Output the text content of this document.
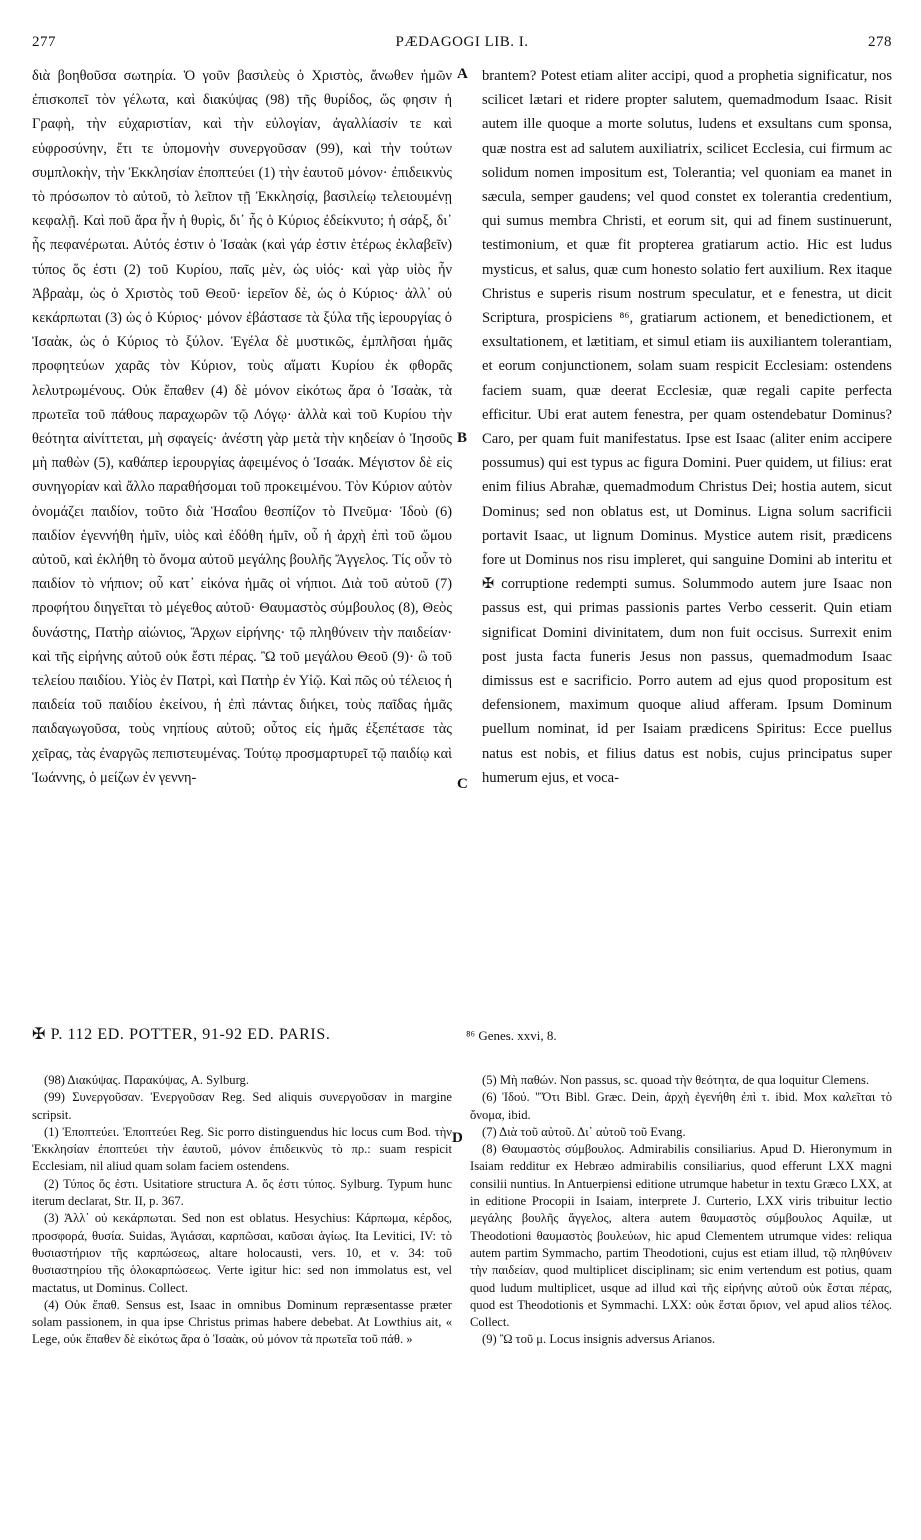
277	PÆDAGOGI LIB. I.	278

διὰ βοηθοῦσα σωτηρία. Ὁ γοῦν βασιλεὺς ὁ Χριστὸς, ἄνωθεν ἡμῶν ἐπισκοπεῖ τὸν γέλωτα, καὶ διακύψας (98) τῆς θυρίδος, ὥς φησιν ἡ Γραφὴ, τὴν εὐχαριστίαν, καὶ τὴν εὐλογίαν, ἀγαλλίασίν τε καὶ εὐφροσύνην, ἔτι τε ὑπομονὴν συνεργοῦσαν (99), καὶ τὴν τούτων συμπλοκὴν, τὴν Ἐκκλησίαν ἐποπτεύει (1) τὴν ἑαυτοῦ μόνον· ἐπιδεικνὺς τὸ πρόσωπον τὸ αὐτοῦ, τὸ λεῖπον τῇ Ἐκκλησίᾳ, βασιλείῳ τελειουμένῃ κεφαλῇ. Καὶ ποῦ ἄρα ἦν ἡ θυρὶς, δι᾿ ἧς ὁ Κύριος ἐδείκνυτο; ἡ σάρξ, δι᾿ ἧς πεφανέρωται. Αὐτός ἐστιν ὁ Ἰσαὰκ (καὶ γάρ ἐστιν ἑτέρως ἐκλαβεῖν) τύπος ὅς ἐστι (2) τοῦ Κυρίου, παῖς μὲν, ὡς υἱός· καὶ γὰρ υἱὸς ἦν Ἀβραὰμ, ὡς ὁ Χριστὸς τοῦ Θεοῦ· ἱερεῖον δὲ, ὡς ὁ Κύριος· ἀλλ᾿ οὐ κεκάρπωται (3) ὡς ὁ Κύριος· μόνον ἐβάστασε τὰ ξύλα τῆς ἱερουργίας ὁ Ἰσαὰκ, ὡς ὁ Κύριος τὸ ξύλον. Ἐγέλα δὲ μυστικῶς, ἐμπλῆσαι ἡμᾶς προφητεύων χαρᾶς τὸν Κύριον, τοὺς αἵματι Κυρίου ἐκ φθορᾶς λελυτρωμένους. Οὐκ ἔπαθεν (4) δὲ μόνον εἰκότως ἄρα ὁ Ἰσαὰκ, τὰ πρωτεῖα τοῦ πάθους παραχωρῶν τῷ Λόγῳ· ἀλλὰ καὶ τοῦ Κυρίου τὴν θεότητα αἰνίττεται, μὴ σφαγείς· ἀνέστη γὰρ μετὰ τὴν κηδείαν ὁ Ἰησοῦς μὴ παθὼν (5), καθάπερ ἱερουργίας ἀφειμένος ὁ Ἰσαάκ. Μέγιστον δὲ εἰς συνηγορίαν καὶ ἄλλο παραθήσομαι τοῦ προκειμένου. Τὸν Κύριον αὐτὸν ὀνομάζει παιδίον, τοῦτο διὰ Ἡσαΐου θεσπίζον τὸ Πνεῦμα· Ἰδοὺ (6) παιδίον ἐγεννήθη ἡμῖν, υἱὸς καὶ ἐδόθη ἡμῖν, οὗ ἡ ἀρχὴ ἐπὶ τοῦ ὤμου αὐτοῦ, καὶ ἐκλήθη τὸ ὄνομα αὐτοῦ μεγάλης βουλῆς Ἄγγελος. Τίς οὖν τὸ παιδίον τὸ νήπιον; οὗ κατ᾿ εἰκόνα ἡμᾶς οἱ νήπιοι. Διὰ τοῦ αὐτοῦ (7) προφήτου διηγεῖται τὸ μέγεθος αὐτοῦ· Θαυμαστὸς σύμβουλος (8), Θεὸς δυνάστης, Πατὴρ αἰώνιος, Ἄρχων εἰρήνης· τῷ πληθύνειν τὴν παιδείαν· καὶ τῆς εἰρήνης αὐτοῦ οὐκ ἔστι πέρας. Ὢ τοῦ μεγάλου Θεοῦ (9)· ὢ τοῦ τελείου παιδίου. Υἱὸς ἐν Πατρὶ, καὶ Πατὴρ ἐν Υἱῷ. Καὶ πῶς οὐ τέλειος ἡ παιδεία τοῦ παιδίου ἐκείνου, ἡ ἐπὶ πάντας διήκει, τοὺς παῖδας ἡμᾶς παιδαγωγοῦσα, τοὺς νηπίους αὐτοῦ; οὗτος εἰς ἡμᾶς ἐξεπέτασε τὰς χεῖρας, τὰς ἐναργῶς πεπιστευμένας. Τούτῳ προσμαρτυρεῖ τῷ παιδίῳ καὶ Ἰωάννης, ὁ μείζων ἐν γεννη-

A
B
C
D

brantem? Potest etiam aliter accipi, quod a prophetia significatur, nos scilicet lætari et ridere propter salutem, quemadmodum Isaac. Risit autem ille quoque a morte solutus, ludens et exsultans cum sponsa, quæ nostra est ad salutem auxiliatrix, scilicet Ecclesia, cui firmum ac solidum nomen impositum est, Tolerantia; vel quoniam ea manet in sæcula, semper gaudens; vel quod constet ex tolerantia credentium, qui sumus membra Christi, et eorum sit, qui ad finem sustinuerunt, testimonium, et quæ fit propterea gratiarum actio. Hic est ludus mysticus, et salus, quæ cum honesto solatio fert auxilium. Rex itaque Christus e superis risum nostrum speculatur, et e fenestra, ut dicit Scriptura, prospiciens ⁸⁶, gratiarum actionem, et benedictionem, et exsultationem, et lætitiam, et simul etiam iis auxiliantem tolerantiam, et eorum conjunctionem, solam suam respicit Ecclesiam: ostendens faciem suam, quæ deerat Ecclesiæ, quæ regali capite perfecta efficitur. Ubi erat autem fenestra, per quam ostendebatur Dominus? Caro, per quam fuit manifestatus. Ipse est Isaac (aliter enim accipere possumus) qui est typus ac figura Domini. Puer quidem, ut filius: erat enim filius Abrahæ, quemadmodum Christus Dei; hostia autem, sicut Dominus; sed non oblatus est, ut Dominus. Ligna solum sacrificii portavit Isaac, ut lignum Dominus. Mystice autem risit, prædicens fore ut Dominus nos risu impleret, qui sanguine Domini ab interitu et ✠ corruptione redempti sumus. Solummodo autem jure Isaac non passus est, qui primas passionis partes Verbo cesserit. Quin etiam significat Domini divinitatem, dum non fuit occisus. Surrexit enim post justa facta funeris Jesus non passus, quemadmodum Isaac dimissus est e sacrificio. Porro autem ad ejus quod propositum est defensionem, maximum quoque aliud afferam. Ipsum Dominum puellum nominat, id per Isaiam prædicens Spiritus: Ecce puellus natus est nobis, et filius datus est nobis, cujus principatus super humerum ejus, et voca-

✠ P. 112 ED. POTTER, 91-92 ED. PARIS.	⁸⁶ Genes. xxvi, 8.

(98) Διακύψας. Παρακύψας, A. Sylburg.

(99) Συνεργοῦσαν. Ἐνεργοῦσαν Reg. Sed aliquis συνεργοῦσαν in margine scripsit.

(1) Ἐποπτεύει. Ἐποπτεύει Reg. Sic porro distinguendus hic locus cum Bod. τὴν Ἐκκλησίαν ἐποπτεύει τὴν ἑαυτοῦ, μόνον ἐπιδεικνὺς τὸ πρ.: suam respicit Ecclesiam, nil aliud quam solam faciem ostendens.

(2) Τύπος ὅς ἐστι. Usitatiore structura A. ὅς ἐστι τύπος. Sylburg. Typum hunc iterum declarat, Str. II, p. 367.

(3) Ἀλλ᾿ οὐ κεκάρπωται. Sed non est oblatus. Hesychius: Κάρπωμα, κέρδος, προσφορά, θυσία. Suidas, Ἁγιάσαι, καρπῶσαι, καῦσαι ἁγίως. Ita Levitici, IV: τὸ θυσιαστήριον τῆς καρπώσεως, altare holocausti, vers. 10, et v. 34: τοῦ θυσιαστηρίου τῆς ὁλοκαρπώσεως. Verte igitur hic: sed non immolatus est, vel mactatus, ut Dominus. Collect.

(4) Οὐκ ἔπαθ. Sensus est, Isaac in omnibus Dominum repræsentasse præter solam passionem, in qua ipse Christus primas habere debebat. At Lowthius ait, « Lege, οὐκ ἔπαθεν δὲ εἰκότως ἄρα ὁ Ἰσαὰκ, οὐ μόνον τὰ πρωτεῖα τοῦ πάθ. »

(5) Μὴ παθών. Non passus, sc. quoad τὴν θεότητα, de qua loquitur Clemens.

(6) Ἰδού. "Ὅτι Bibl. Græc. Dein, ἀρχὴ ἐγενήθη ἐπὶ τ. ibid. Mox καλεῖται τὸ ὄνομα, ibid.

(7) Διὰ τοῦ αὐτοῦ. Δι᾿ αὐτοῦ τοῦ Evang.

(8) Θαυμαστὸς σύμβουλος. Admirabilis consiliarius. Apud D. Hieronymum in Isaiam redditur ex Hebræo admirabilis consiliarius, quod efferunt LXX magni consilii nuntius. In Antuerpiensi editione utrumque habetur in textu Græco LXX, at in editione Procopii in Isaiam, interprete J. Curterio, LXX viris tribuitur lectio μεγάλης βουλῆς ἄγγελος, altera autem θαυμαστὸς σύμβουλος Aquilæ, ut Theodotioni θαυμαστὸς βουλεύων, hic apud Clementem utrumque vides: reliqua autem partim Symmacho, partim Theodotioni, cujus est etiam illud, τῷ πληθύνειν τὴν παιδείαν, quod multiplicet disciplinam; sic enim vertendum est potius, quam quod ludum multiplicet, usque ad illud καὶ τῆς εἰρήνης αὐτοῦ οὐκ ἔσται πέρας, quod est Theodotionis et Symmachi. LXX: οὐκ ἔσται ὅριον, vel apud alios τέλος. Collect.

(9) Ὢ τοῦ μ. Locus insignis adversus Arianos.
